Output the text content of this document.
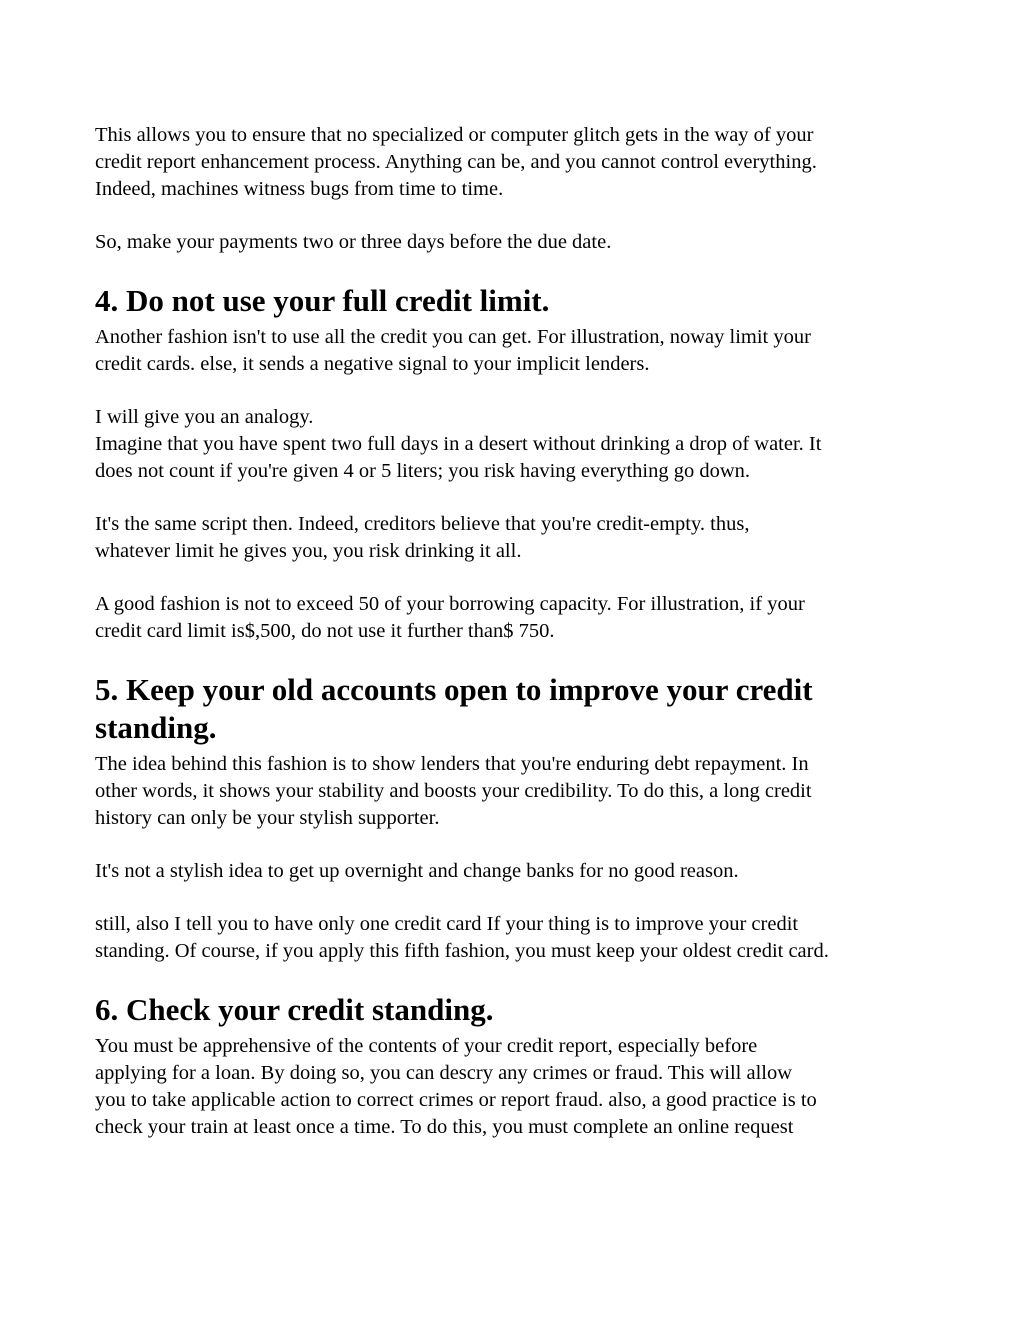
This allows you to ensure that no specialized or computer glitch gets in the way of your
credit report enhancement process. Anything can be, and you cannot control everything.
Indeed, machines witness bugs from time to time.

So, make your payments two or three days before the due date.

4. Do not use your full credit limit.

Another fashion isn't to use all the credit you can get. For illustration, noway limit your
credit cards. else, it sends a negative signal to your implicit lenders.

I will give you an analogy.
Imagine that you have spent two full days in a desert without drinking a drop of water. It
does not count if you're given 4 or 5 liters; you risk having everything go down.

It's the same script then. Indeed, creditors believe that you're credit-empty. thus,
whatever limit he gives you, you risk drinking it all.

A good fashion is not to exceed 50 of your borrowing capacity. For illustration, if your
credit card limit is$,500, do not use it further than$ 750.

5. Keep your old accounts open to improve your credit
standing.

The idea behind this fashion is to show lenders that you're enduring debt repayment. In
other words, it shows your stability and boosts your credibility. To do this, a long credit
history can only be your stylish supporter.

It's not a stylish idea to get up overnight and change banks for no good reason.

still, also I tell you to have only one credit card If your thing is to improve your credit
standing. Of course, if you apply this fifth fashion, you must keep your oldest credit card.

6. Check your credit standing.

You must be apprehensive of the contents of your credit report, especially before
applying for a loan. By doing so, you can descry any crimes or fraud. This will allow
you to take applicable action to correct crimes or report fraud. also, a good practice is to
check your train at least once a time. To do this, you must complete an online request
